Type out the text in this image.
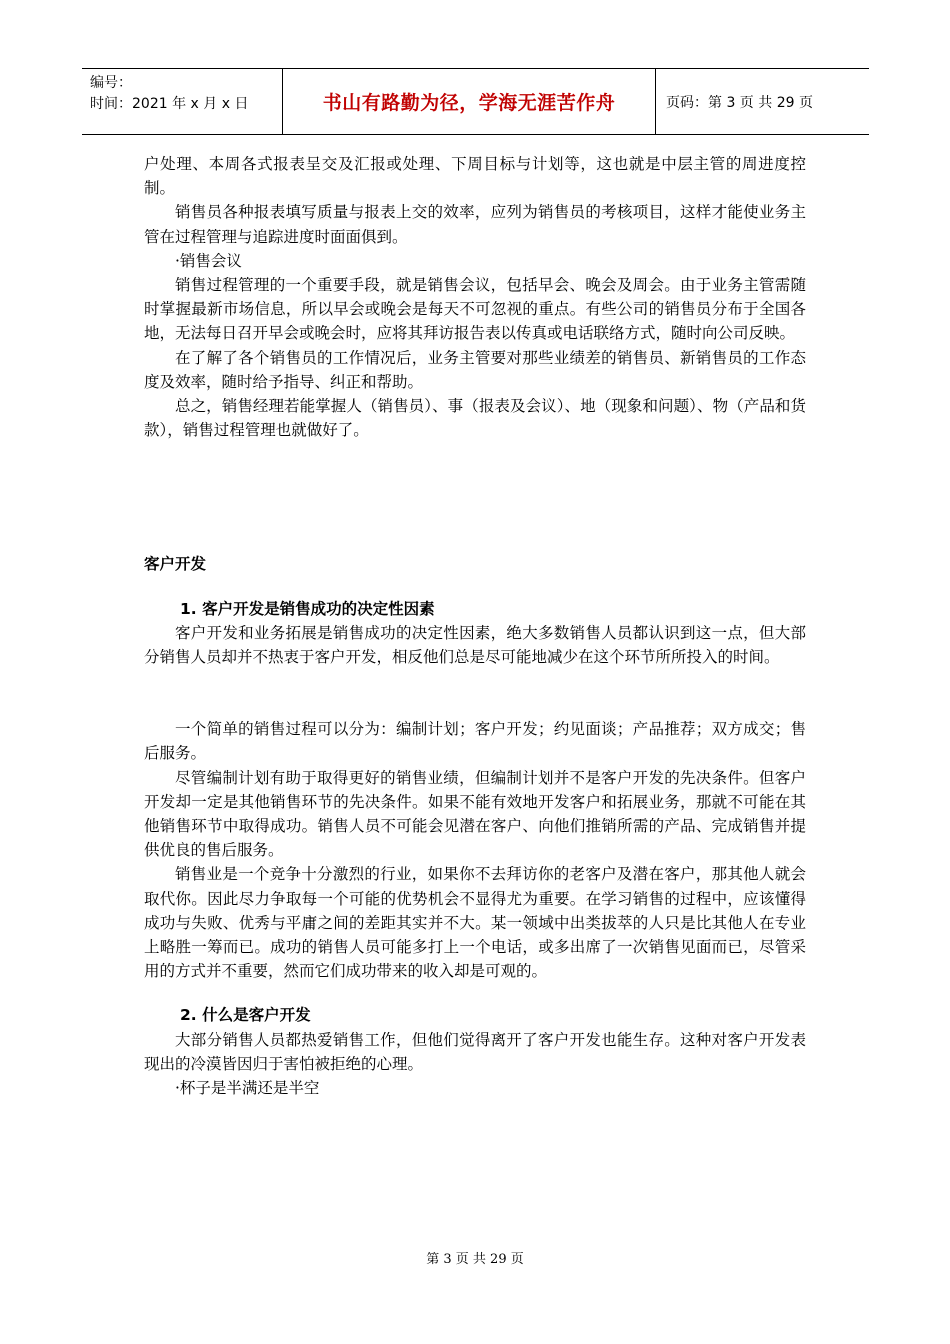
编号：
时间：2021 年 x 月 x 日	书山有路勤为径，学海无涯苦作舟	页码：第 3 页 共 29 页

户处理、本周各式报表呈交及汇报或处理、下周目标与计划等，这也就是中层主管的周进度控制。

销售员各种报表填写质量与报表上交的效率，应列为销售员的考核项目，这样才能使业务主管在过程管理与追踪进度时面面俱到。

·销售会议

销售过程管理的一个重要手段，就是销售会议，包括早会、晚会及周会。由于业务主管需随时掌握最新市场信息，所以早会或晚会是每天不可忽视的重点。有些公司的销售员分布于全国各地，无法每日召开早会或晚会时，应将其拜访报告表以传真或电话联络方式，随时向公司反映。

在了解了各个销售员的工作情况后，业务主管要对那些业绩差的销售员、新销售员的工作态度及效率，随时给予指导、纠正和帮助。

总之，销售经理若能掌握人（销售员）、事（报表及会议）、地（现象和问题）、物（产品和货款），销售过程管理也就做好了。

客户开发

1. 客户开发是销售成功的决定性因素

客户开发和业务拓展是销售成功的决定性因素，绝大多数销售人员都认识到这一点，但大部分销售人员却并不热衷于客户开发，相反他们总是尽可能地减少在这个环节所所投入的时间。

一个简单的销售过程可以分为：编制计划；客户开发；约见面谈；产品推荐；双方成交；售后服务。

尽管编制计划有助于取得更好的销售业绩，但编制计划并不是客户开发的先决条件。但客户开发却一定是其他销售环节的先决条件。如果不能有效地开发客户和拓展业务，那就不可能在其他销售环节中取得成功。销售人员不可能会见潜在客户、向他们推销所需的产品、完成销售并提供优良的售后服务。

销售业是一个竞争十分激烈的行业，如果你不去拜访你的老客户及潜在客户，那其他人就会取代你。因此尽力争取每一个可能的优势机会不显得尤为重要。在学习销售的过程中，应该懂得成功与失败、优秀与平庸之间的差距其实并不大。某一领域中出类拔萃的人只是比其他人在专业上略胜一筹而已。成功的销售人员可能多打上一个电话，或多出席了一次销售见面而已，尽管采用的方式并不重要，然而它们成功带来的收入却是可观的。

2. 什么是客户开发

大部分销售人员都热爱销售工作，但他们觉得离开了客户开发也能生存。这种对客户开发表现出的冷漠皆因归于害怕被拒绝的心理。

·杯子是半满还是半空

第 3 页 共 29 页
